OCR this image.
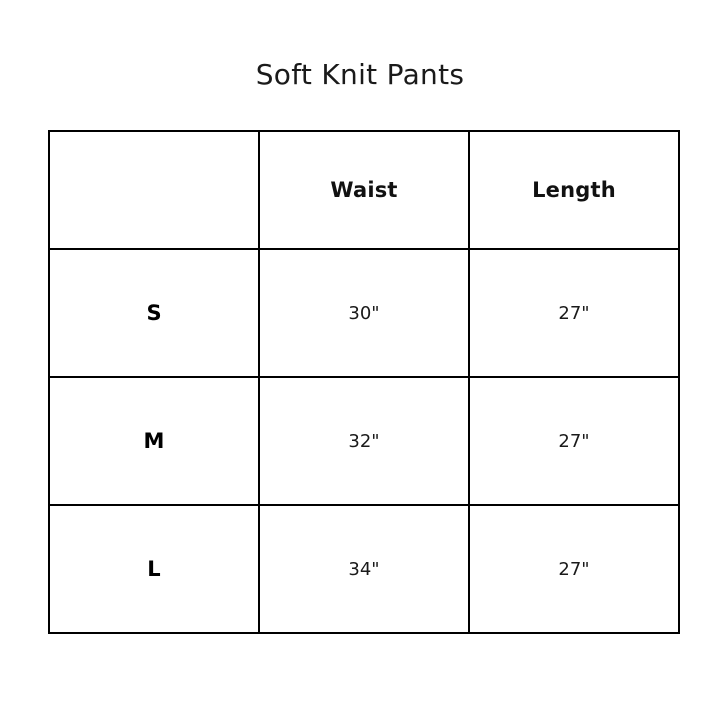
Soft Knit Pants
	Waist	Length
S	30"	27"
M	32"	27"
L	34"	27"
